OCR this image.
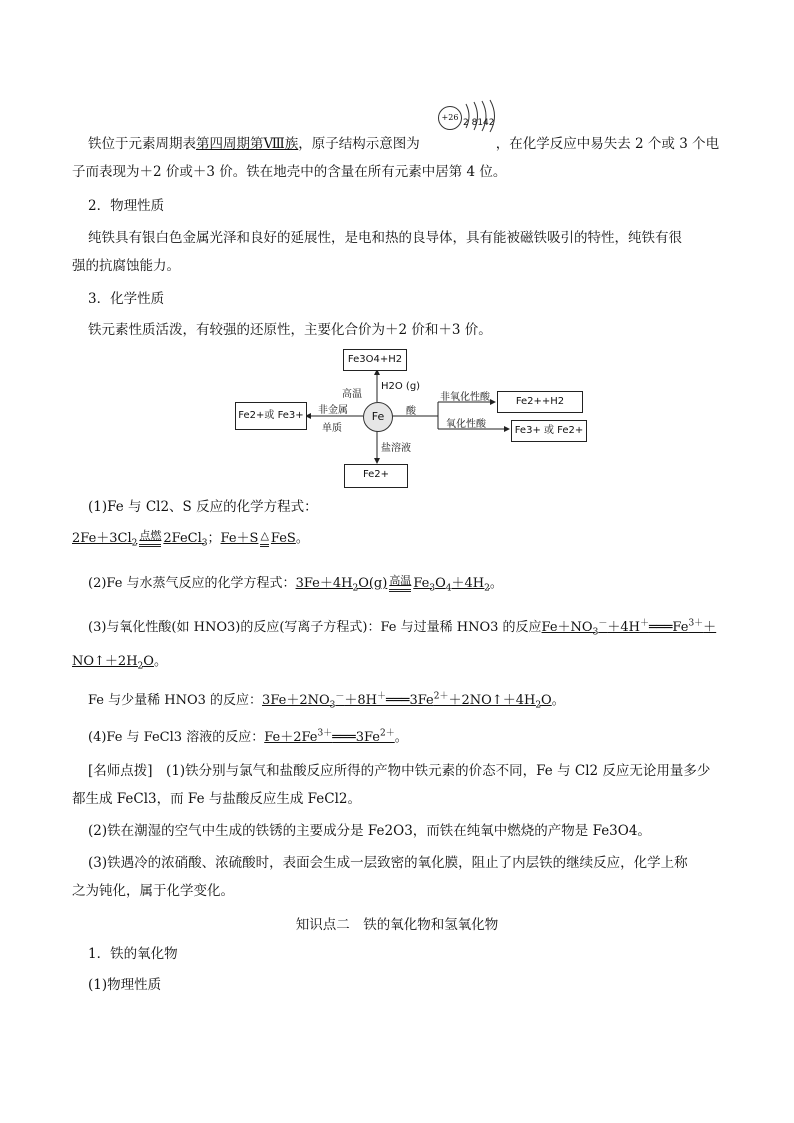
铁位于元素周期表第四周期第Ⅷ族，原子结构示意图为	，在化学反应中易失去 2 个或 3 个电
+26
2 8142
子而表现为＋2 价或＋3 价。铁在地壳中的含量在所有元素中居第 4 位。
2．物理性质
纯铁具有银白色金属光泽和良好的延展性，是电和热的良导体，具有能被磁铁吸引的特性，纯铁有很
强的抗腐蚀能力。
3．化学性质
铁元素性质活泼，有较强的还原性，主要化合价为＋2 价和＋3 价。
Fe3O4+H2
Fe2+或 Fe3+
Fe2++H2
Fe3+ 或 Fe2+
Fe2+
Fe
高温
H2O (g)
酸
非金属
单质
盐溶液
非氧化性酸
氧化性酸
(1)Fe 与 Cl2、S 反应的化学方程式：
$2Fe+3Cl_2$
点燃 2FeCl$_3$；Fe＋S △ FeS。
(2)Fe 与水蒸气反应的化学方程式：$3Fe+4H_2O(g)$ 高温 $Fe_3O_4+4H_2$。
(3)与氧化性酸(如 HNO3)的反应(写离子方程式)：Fe 与过量稀 HNO3 的反应$Fe+NO_3^-+4H^+═══Fe^{3+}+$
$NO↑+2H_2O$。
Fe 与少量稀 HNO3 的反应：$3Fe+2NO_3^-+8H^+═══3Fe^{2+}+2NO↑+4H_2O$。
(4)Fe 与 FeCl3 溶液的反应：$Fe+2Fe^{3+}═══3Fe^{2+}$。
[名师点拨]　 (1)铁分别与氯气和盐酸反应所得的产物中铁元素的价态不同，Fe 与 Cl2 反应无论用量多少
都生成 FeCl3，而 Fe 与盐酸反应生成 FeCl2。
(2)铁在潮湿的空气中生成的铁锈的主要成分是 Fe2O3，而铁在纯氧中燃烧的产物是 Fe3O4。
(3)铁遇冷的浓硝酸、浓硫酸时，表面会生成一层致密的氧化膜，阻止了内层铁的继续反应，化学上称
之为钝化，属于化学变化。
知识点二　铁的氧化物和氢氧化物
1．铁的氧化物
(1)物理性质
